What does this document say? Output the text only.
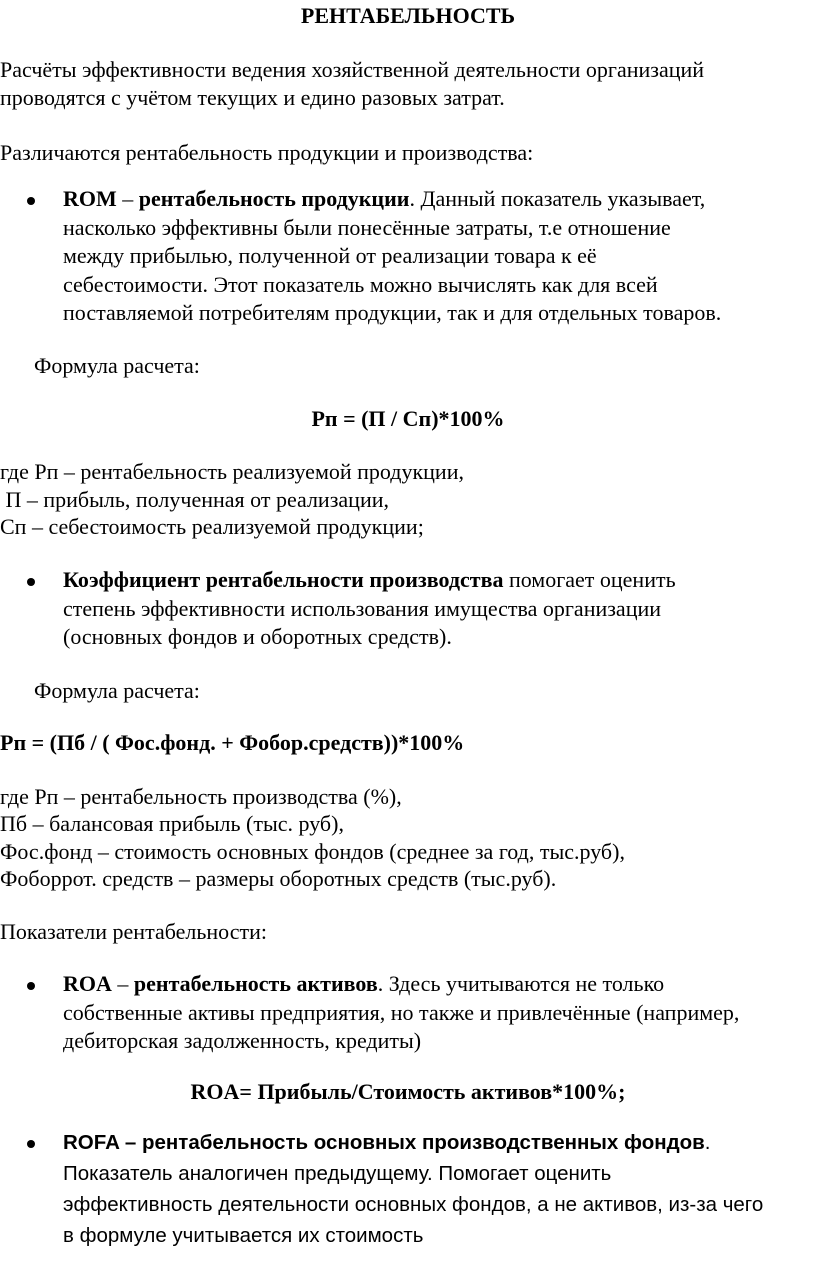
РЕНТАБЕЛЬНОСТЬ
Расчёты эффективности ведения хозяйственной деятельности организаций
проводятся с учётом текущих и едино разовых затрат.
Различаются рентабельность продукции и производства:
ROM – рентабельность продукции. Данный показатель указывает,
насколько эффективны были понесённые затраты, т.е отношение
между прибылью, полученной от реализации товара к её
себестоимости. Этот показатель можно вычислять как для всей
поставляемой потребителям продукции, так и для отдельных товаров.
Формула расчета:
Рп = (П / Сп)*100%
где Рп – рентабельность реализуемой продукции,
П – прибыль, полученная от реализации,
Сп – себестоимость реализуемой продукции;
Коэффициент рентабельности производства помогает оценить
степень эффективности использования имущества организации
(основных фондов и оборотных средств).
Формула расчета:
Рп = (Пб / ( Фос.фонд. + Фобор.средств))*100%
где Рп – рентабельность производства (%),
Пб – балансовая прибыль (тыс. руб),
Фос.фонд – стоимость основных фондов (среднее за год, тыс.руб),
Фоборрот. средств – размеры оборотных средств (тыс.руб).
Показатели рентабельности:
ROA – рентабельность активов. Здесь учитываются не только
собственные активы предприятия, но также и привлечённые (например,
дебиторская задолженность, кредиты)
ROA= Прибыль/Стоимость активов*100%;
ROFA – рентабельность основных производственных фондов.
Показатель аналогичен предыдущему. Помогает оценить
эффективность деятельности основных фондов, а не активов, из-за чего
в формуле учитывается их стоимость
